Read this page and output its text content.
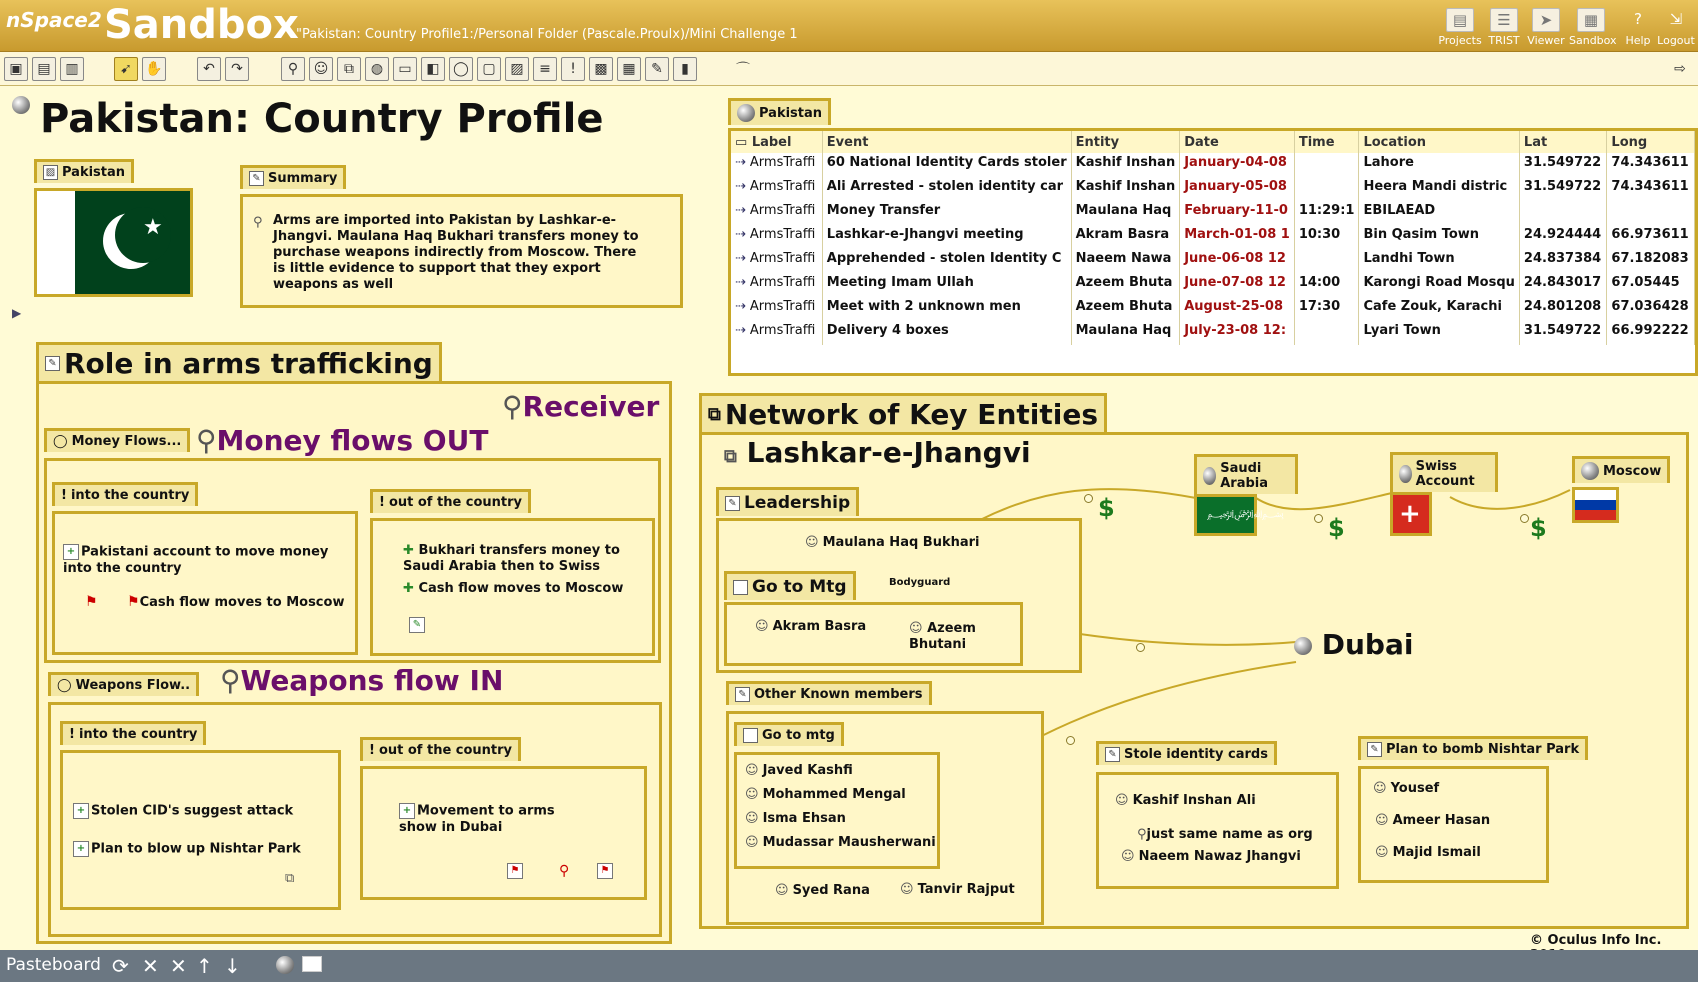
nSpace2 Sandbox
"Pakistan: Country Profile1:/Personal Folder (Pascale.Proulx)/Mini Challenge 1
▤
Projects
☰
TRIST
➤
Viewer
▦
Sandbox
?
Help
⇲
Logout
▣	▤	▥	➹ ✋	↶	↷	⚲	☺	⧉	◍	▭	◧ ◯ ▢	▨	≡	!	▩	▦	✎	▮	⌒	⇨
Pakistan: Country Profile
▨ Pakistan
★
✎ Summary
⚲ Arms are imported into Pakistan by Lashkar-e-Jhangvi. Maulana Haq Bukhari transfers money to purchase weapons indirectly from Moscow. There is little evidence to support that they export weapons as well
▶
Pakistan
▭ Label	Event	Entity	Date	Time	Location	Lat	Long
⇢ ArmsTraffi	60 National Identity Cards stoler	Kashif Inshan	January-04-08		Lahore	31.549722	74.343611
⇢ ArmsTraffi	Ali Arrested - stolen identity car	Kashif Inshan	January-05-08		Heera Mandi distric	31.549722	74.343611
⇢ ArmsTraffi	Money Transfer	Maulana Haq	February-11-0	11:29:1	EBILAEAD		
⇢ ArmsTraffi	Lashkar-e-Jhangvi meeting	Akram Basra	March-01-08 1	10:30	Bin Qasim Town	24.924444	66.973611
⇢ ArmsTraffi	Apprehended - stolen Identity C	Naeem Nawa	June-06-08 12		Landhi Town	24.837384	67.182083
⇢ ArmsTraffi	Meeting Imam Ullah	Azeem Bhuta	June-07-08 12	14:00	Karongi Road Mosqu	24.843017	67.05445
⇢ ArmsTraffi	Meet with 2 unknown men	Azeem Bhuta	August-25-08	17:30	Cafe Zouk, Karachi	24.801208	67.036428
⇢ ArmsTraffi	Delivery 4 boxes	Maulana Haq	July-23-08 12:		Lyari Town	31.549722	66.992222
✎ Role in arms trafficking
⚲Receiver
◯ Money Flows... ⚲Money flows OUT
! into the country
+ Pakistani account to move money into the country
⚑ ⚑Cash flow moves to Moscow
! out of the country
✚ Bukhari transfers money to Saudi Arabia then to Swiss
✚ Cash flow moves to Moscow
✎
◯ Weapons Flow.. ⚲Weapons flow IN
! into the country
+ Stolen CID's suggest attack
+ Plan to blow up Nishtar Park
⧉
! out of the country
+ Movement to arms show in Dubai
⚑	⚲	⚑
⧉ Network of Key Entities
⧉ Lashkar-e-Jhangvi
$
$	$
✎ Leadership
☺ Maulana Haq Bukhari
Bodyguard
Go to Mtg
☺ Akram Basra	☺ Azeem Bhutani
✎ Other Known members
☺ Syed Rana	☺ Tanvir Rajput
Go to mtg
☺ Javed Kashfi
☺ Mohammed Mengal
☺ Isma Ehsan
☺ Mudassar Mausherwani
✎ Stole identity cards
☺ Kashif Inshan Ali
⚲just same name as org
☺ Naeem Nawaz Jhangvi
✎ Plan to bomb Nishtar Park
☺ Yousef
☺ Ameer Hasan
☺ Majid Ismail
Saudi Arabia
﷽
Swiss Account
+
Moscow
Dubai
© Oculus Info Inc.
Pasteboard ⟳ ✕ ✕ ↑ ↓
